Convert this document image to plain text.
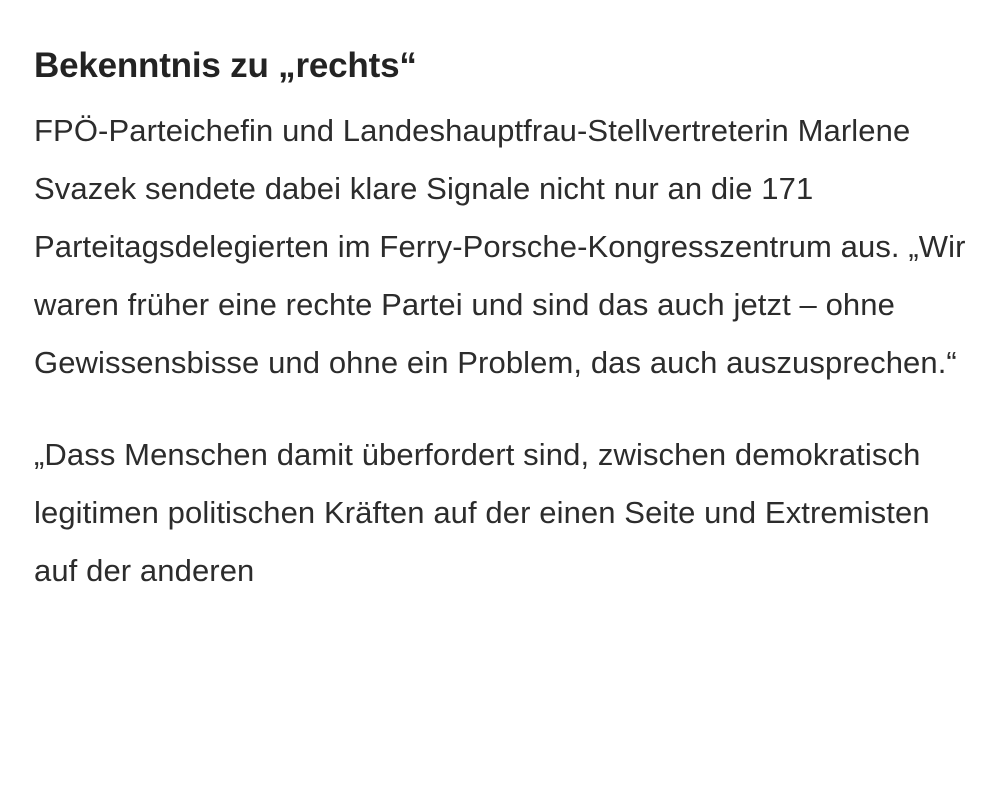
Bekenntnis zu „rechts“

FPÖ-Parteichefin und Landeshauptfrau-Stellvertreterin Marlene Svazek sendete dabei klare Signale nicht nur an die 171 Parteitagsdelegierten im Ferry-Porsche-Kongresszentrum aus. „Wir waren früher eine rechte Partei und sind das auch jetzt – ohne Gewissensbisse und ohne ein Problem, das auch auszusprechen.“

„Dass Menschen damit überfordert sind, zwischen demokratisch legitimen politischen Kräften auf der einen Seite und Extremisten auf der anderen
